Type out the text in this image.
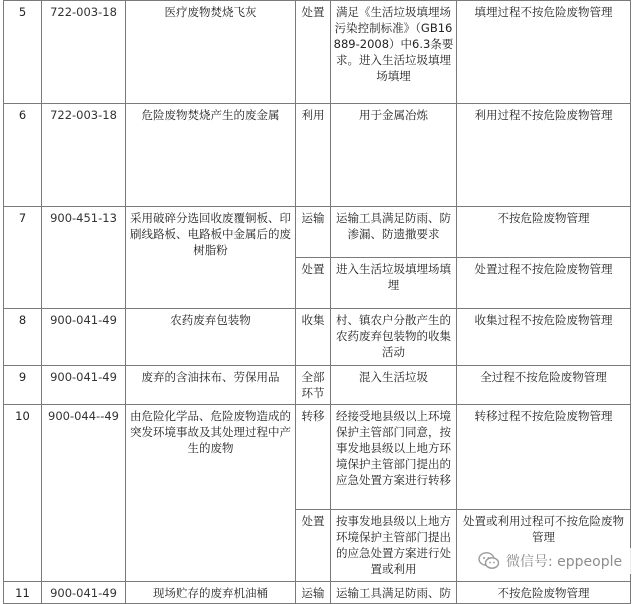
5	722-003-18	医疗废物焚烧飞灰	处置	满足《生活垃圾填埋场污染控制标准》（GB16889-2008）中6.3条要求。进入生活垃圾填埋场填埋	填埋过程不按危险废物管理
6	722-003-18	危险废物焚烧产生的废金属	利用	用于金属冶炼	利用过程不按危险废物管理
7	900-451-13	采用破碎分选回收废覆铜板、印刷线路板、电路板中金属后的废树脂粉	运输	运输工具满足防雨、防渗漏、防遗撒要求	不按危险废物管理
			处置	进入生活垃圾填埋场填埋	处置过程不按危险废物管理
8	900-041-49	农药废弃包装物	收集	村、镇农户分散产生的农药废弃包装物的收集活动	收集过程不按危险废物管理
9	900-041-49	废弃的含油抹布、劳保用品	全部环节	混入生活垃圾	全过程不按危险废物管理
10	900-044--49	由危险化学品、危险废物造成的突发环境事故及其处理过程中产生的废物	转移	经接受地县级以上环境保护主管部门同意，按事发地县级以上地方环境保护主管部门提出的应急处置方案进行转移	转移过程不按危险废物管理
			处置	按事发地县级以上地方环境保护主管部门提出的应急处置方案进行处置或利用	处置或利用过程可不按危险废物管理
11	900-041-49	现场贮存的废弃机油桶	运输	运输工具满足防雨、防	不按危险废物管理
微信号: eppeople
